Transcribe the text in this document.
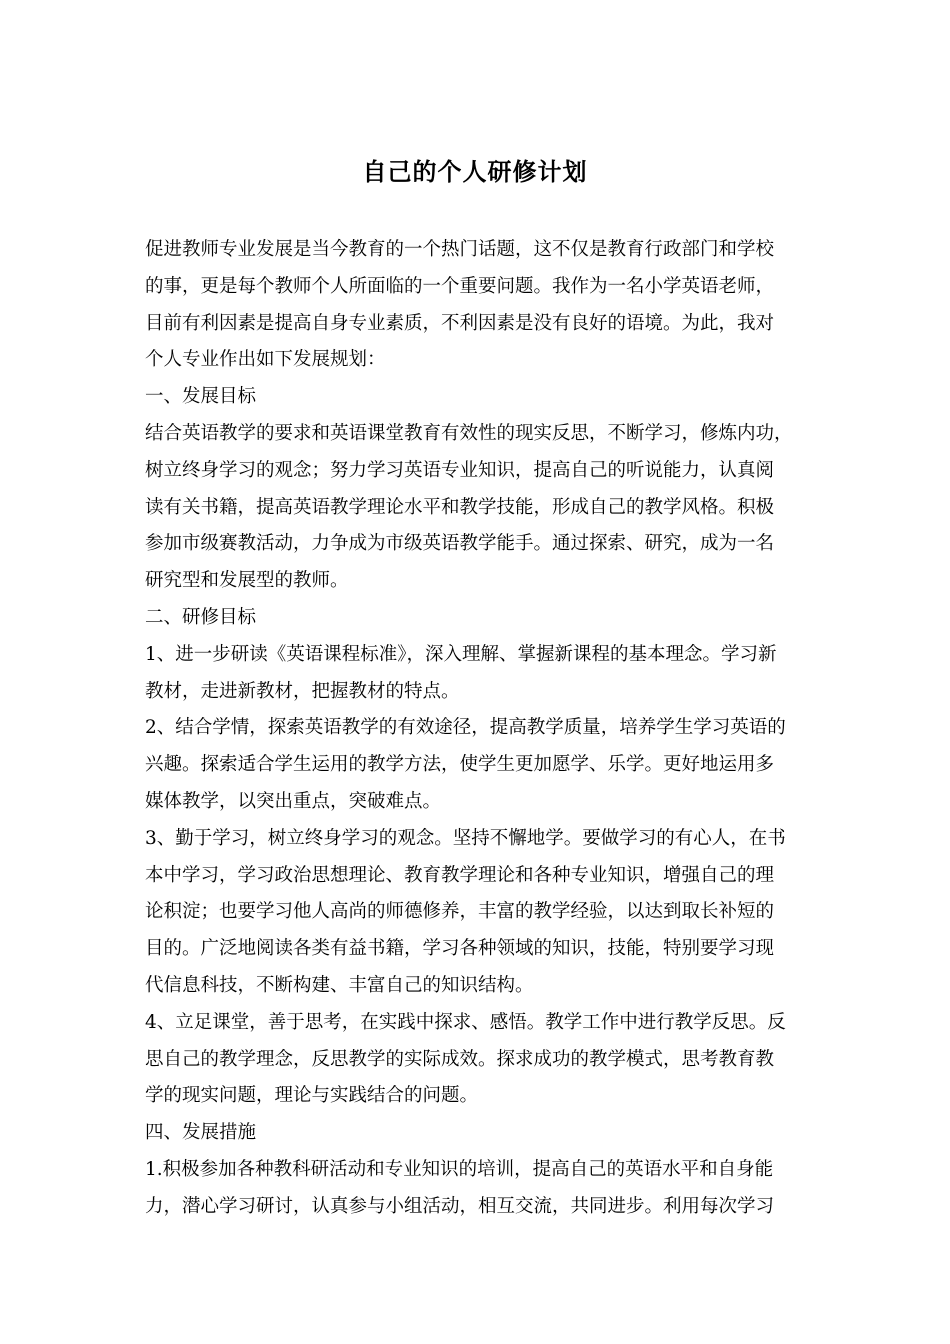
自己的个人研修计划
促进教师专业发展是当今教育的一个热门话题，这不仅是教育行政部门和学校
的事，更是每个教师个人所面临的一个重要问题。我作为一名小学英语老师，
目前有利因素是提高自身专业素质，不利因素是没有良好的语境。为此，我对
个人专业作出如下发展规划：
一、发展目标
结合英语教学的要求和英语课堂教育有效性的现实反思，不断学习，修炼内功，
树立终身学习的观念；努力学习英语专业知识，提高自己的听说能力，认真阅
读有关书籍，提高英语教学理论水平和教学技能，形成自己的教学风格。积极
参加市级赛教活动，力争成为市级英语教学能手。通过探索、研究，成为一名
研究型和发展型的教师。
二、研修目标
1、进一步研读《英语课程标准》，深入理解、掌握新课程的基本理念。学习新
教材，走进新教材，把握教材的特点。
2、结合学情，探索英语教学的有效途径，提高教学质量，培养学生学习英语的
兴趣。探索适合学生运用的教学方法，使学生更加愿学、乐学。更好地运用多
媒体教学，以突出重点，突破难点。
3、勤于学习，树立终身学习的观念。坚持不懈地学。要做学习的有心人，在书
本中学习，学习政治思想理论、教育教学理论和各种专业知识，增强自己的理
论积淀；也要学习他人高尚的师德修养，丰富的教学经验，以达到取长补短的
目的。广泛地阅读各类有益书籍，学习各种领域的知识，技能，特别要学习现
代信息科技，不断构建、丰富自己的知识结构。
4、立足课堂，善于思考，在实践中探求、感悟。教学工作中进行教学反思。反
思自己的教学理念，反思教学的实际成效。探求成功的教学模式，思考教育教
学的现实问题，理论与实践结合的问题。
四、发展措施
1.积极参加各种教科研活动和专业知识的培训，提高自己的英语水平和自身能
力，潜心学习研讨，认真参与小组活动，相互交流，共同进步。利用每次学习
